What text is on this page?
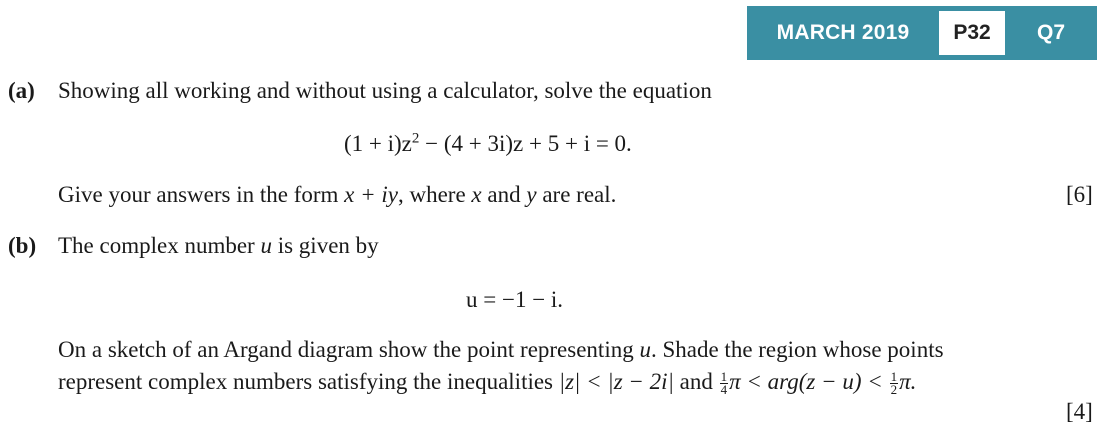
MARCH 2019	P32	Q7
(a) Showing all working and without using a calculator, solve the equation
$(1 + i)z^2 - (4 + 3i)z + 5 + i = 0$.
Give your answers in the form x + iy, where x and y are real.	[6]
(b) The complex number u is given by
u = −1 − i.
On a sketch of an Argand diagram show the point representing u. Shade the region whose points
represent complex numbers satisfying the inequalities |z| < |z − 2i| and $\frac{1}{4}$ $\pi < arg(z - u) < \frac{1}{2} \pi$.
[4]
